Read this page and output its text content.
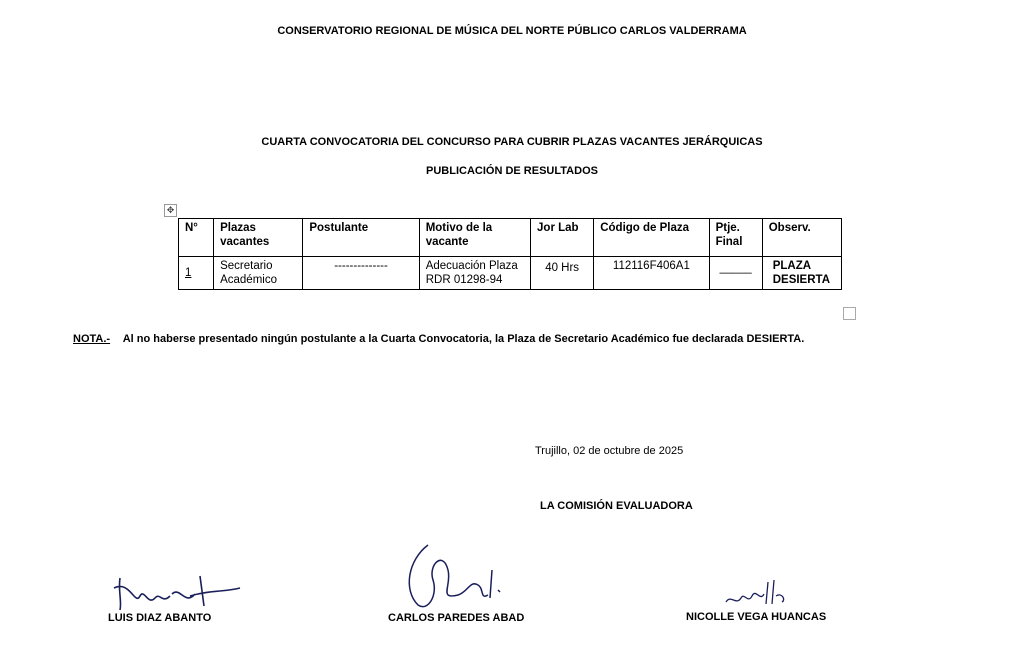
CONSERVATORIO REGIONAL DE MÚSICA DEL NORTE PÚBLICO CARLOS VALDERRAMA
CUARTA CONVOCATORIA DEL CONCURSO PARA CUBRIR PLAZAS VACANTES JERÁRQUICAS
PUBLICACIÓN DE RESULTADOS
✥
N°	Plazas vacantes	Postulante	Motivo de la vacante	Jor Lab	Código de Plaza	Ptje. Final	Observ.
1	Secretario Académico	--------------	Adecuación Plaza RDR 01298-94	40 Hrs	112116F406A1	_____	PLAZA DESIERTA
NOTA.- Al no haberse presentado ningún postulante a la Cuarta Convocatoria, la Plaza de Secretario Académico fue declarada DESIERTA.
Trujillo, 02 de octubre de 2025
LA COMISIÓN EVALUADORA
LUIS DIAZ ABANTO	CARLOS PAREDES ABAD	NICOLLE VEGA HUANCAS
